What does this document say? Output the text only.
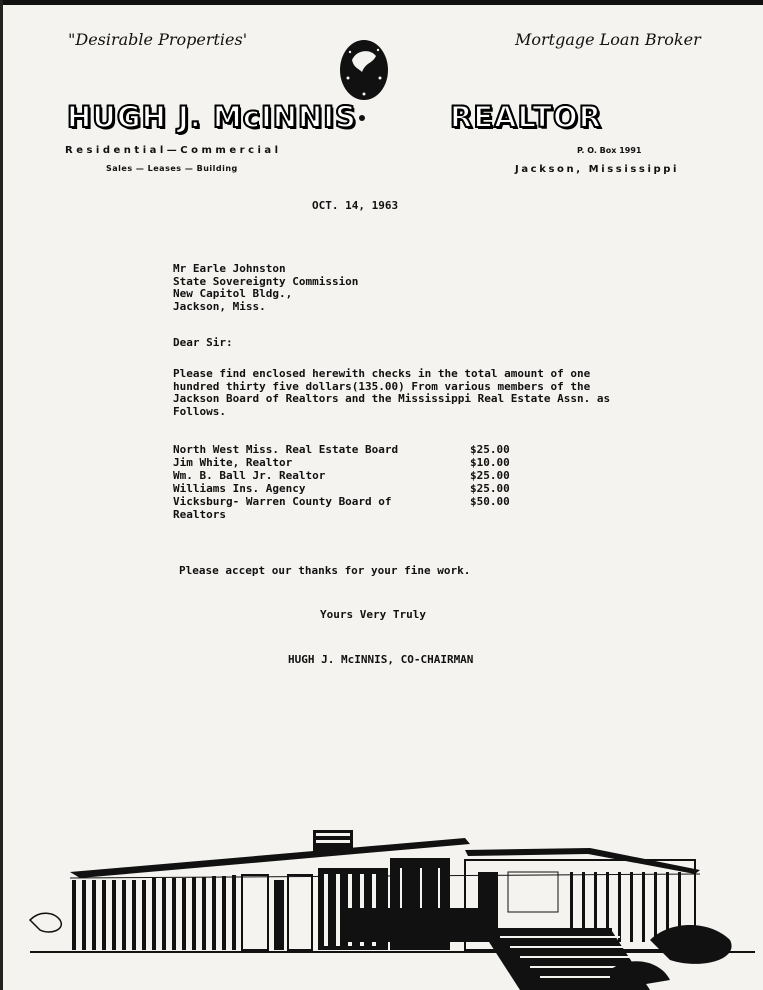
"Desirable Properties'	Mortgage Loan Broker
HUGH J. McINNIS	REALTOR
Residential—Commercial
Sales — Leases — Building
P. O. Box 1991
Jackson, Mississippi
OCT. 14, 1963
Mr Earle Johnston
State Sovereignty Commission
New Capitol Bldg.,
Jackson, Miss.
Dear Sir:
Please find enclosed herewith checks in the total amount of one hundred thirty five dollars(135.00) From various members of the Jackson Board of Realtors and the Mississippi Real Estate Assn. as Follows.
North West Miss. Real Estate Board	$25.00
Jim White, Realtor	$10.00
Wm. B. Ball Jr. Realtor	$25.00
Williams Ins. Agency	$25.00
Vicksburg- Warren County Board of	$50.00
Realtors
Please accept our thanks for your fine work.
Yours Very Truly
HUGH J. McINNIS, CO-CHAIRMAN
